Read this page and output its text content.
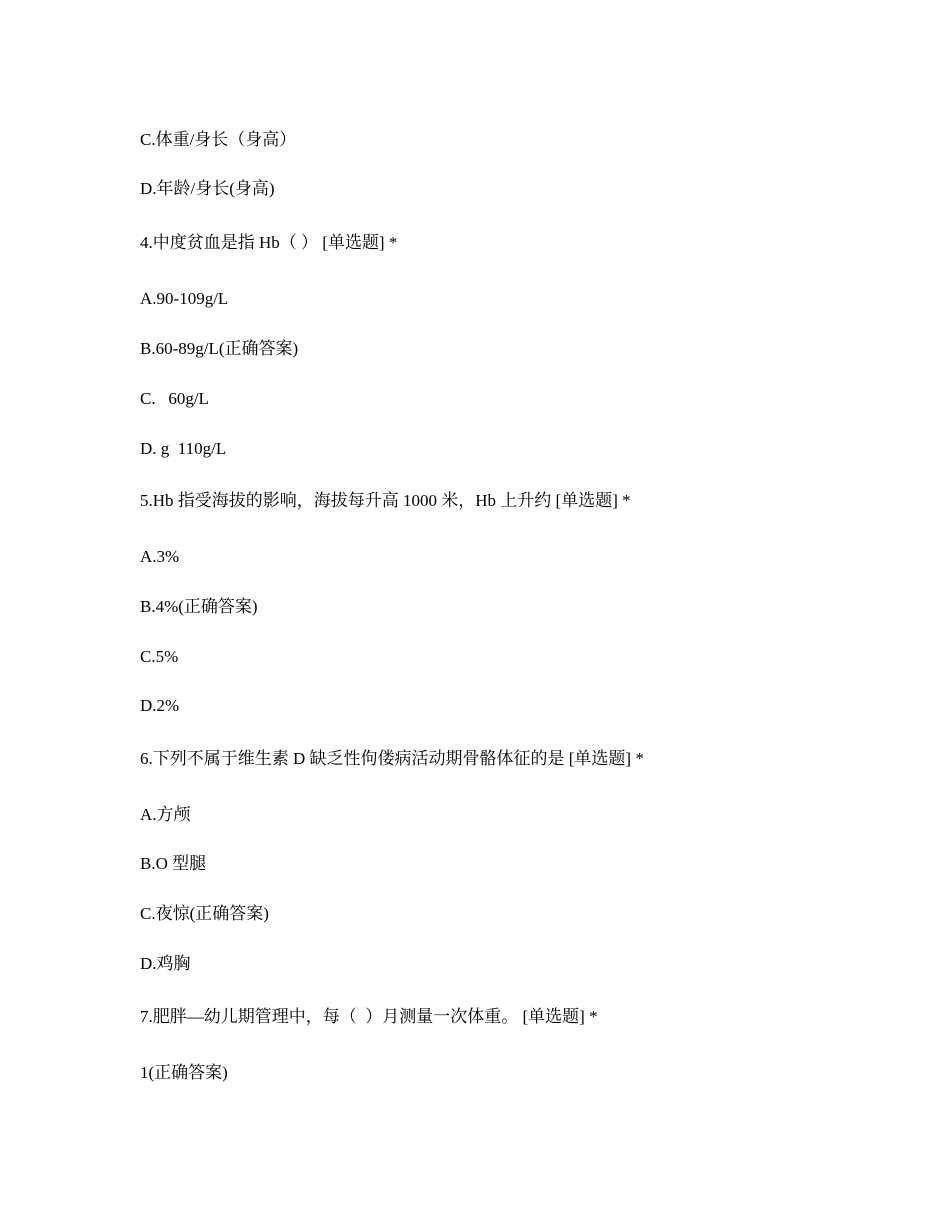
C.体重/身长（身高）
D.年龄/身长(身高)
4.中度贫血是指 Hb（ ） [单选题] *
A.90-109g/L
B.60-89g/L(正确答案)
C.   60g/L
D. g  110g/L
5.Hb 指受海拔的影响，海拔每升高 1000 米，Hb 上升约 [单选题] *
A.3%
B.4%(正确答案)
C.5%
D.2%
6.下列不属于维生素 D 缺乏性佝偻病活动期骨骼体征的是 [单选题] *
A.方颅
B.O 型腿
C.夜惊(正确答案)
D.鸡胸
7.肥胖—幼儿期管理中，每（  ）月测量一次体重。 [单选题] *
1(正确答案)
